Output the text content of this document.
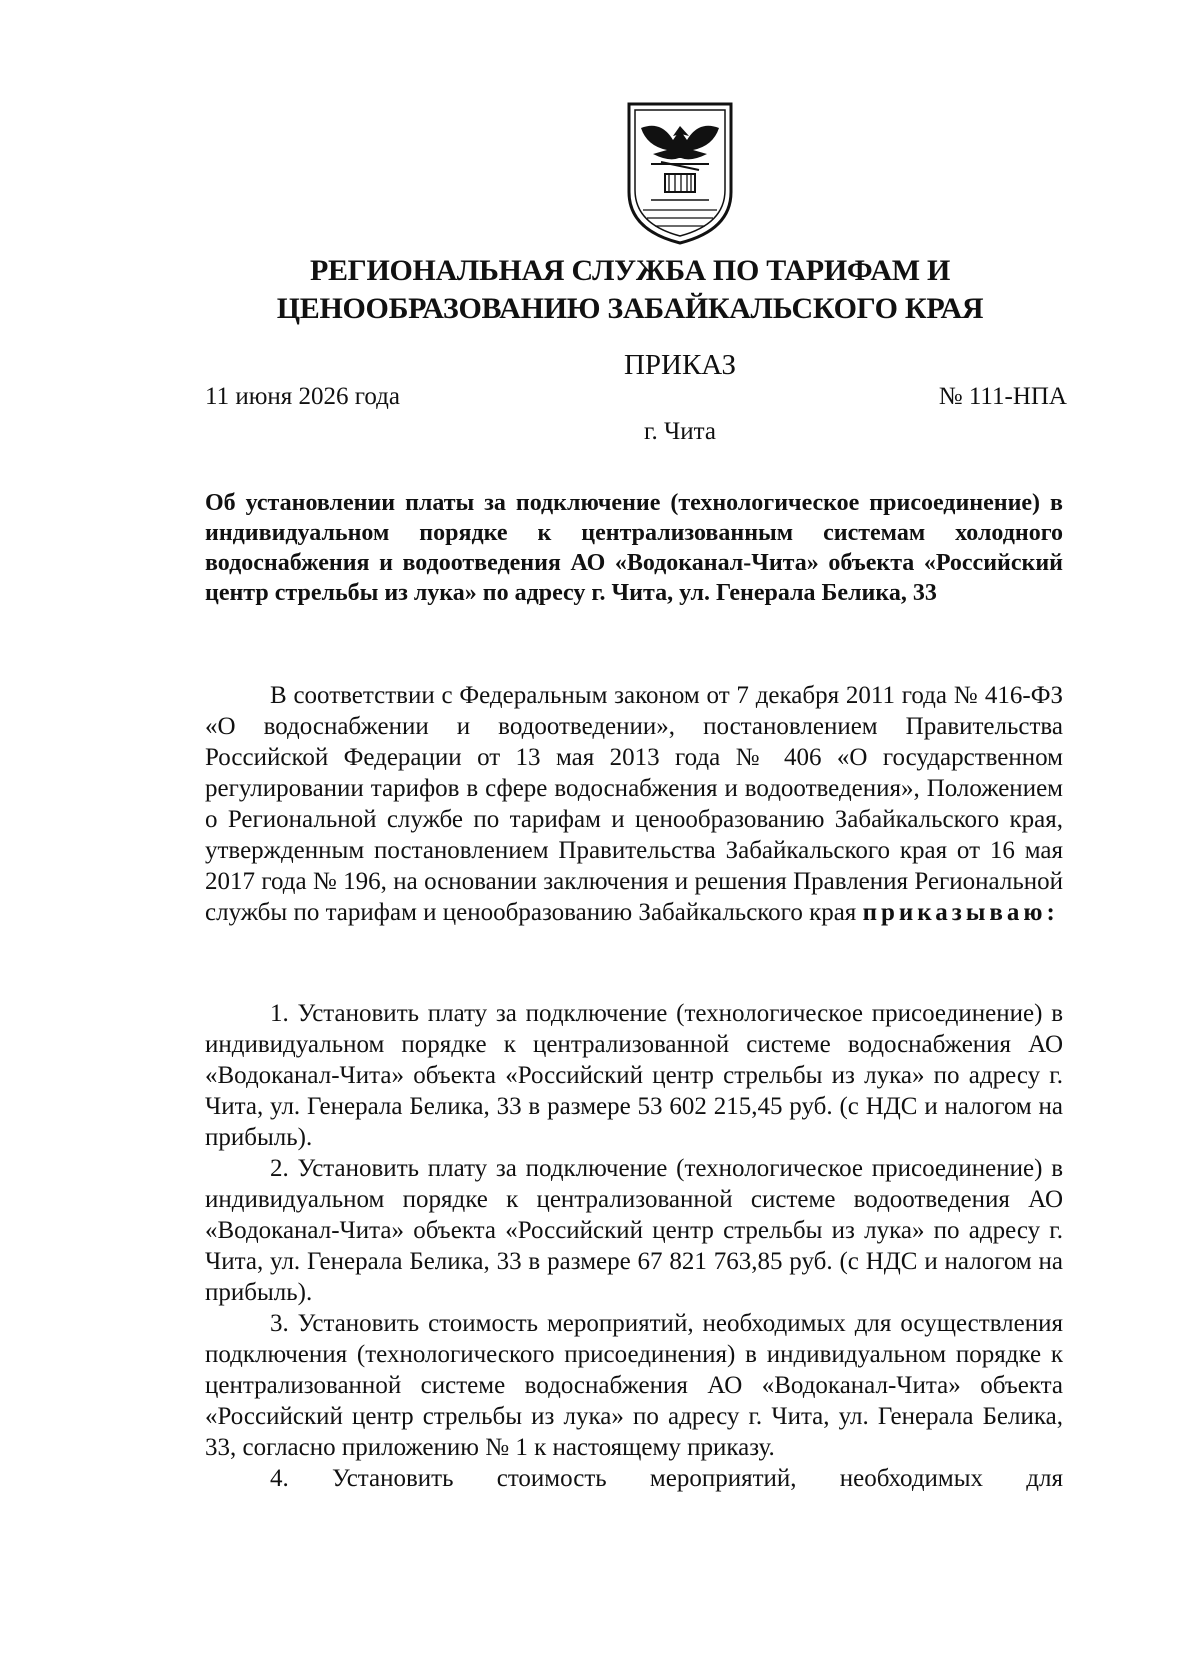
РЕГИОНАЛЬНАЯ СЛУЖБА ПО ТАРИФАМ И
ЦЕНООБРАЗОВАНИЮ ЗАБАЙКАЛЬСКОГО КРАЯ
ПРИКАЗ
11 июня 2026 года	№ 111-НПА
г. Чита

Об установлении платы за подключение (технологическое присоединение) в индивидуальном порядке к централизованным системам холодного водоснабжения и водоотведения АО «Водоканал-Чита» объекта «Российский центр стрельбы из лука» по адресу г. Чита, ул. Генерала Белика, 33

В соответствии с Федеральным законом от 7 декабря 2011 года № 416-ФЗ «О водоснабжении и водоотведении», постановлением Правительства Российской Федерации от 13 мая 2013 года № 406 «О государственном регулировании тарифов в сфере водоснабжения и водоотведения», Положением о Региональной службе по тарифам и ценообразованию Забайкальского края, утвержденным постановлением Правительства Забайкальского края от 16 мая 2017 года № 196, на основании заключения и решения Правления Региональной службы по тарифам и ценообразованию Забайкальского края приказываю:

1. Установить плату за подключение (технологическое присоединение) в индивидуальном порядке к централизованной системе водоснабжения АО «Водоканал-Чита» объекта «Российский центр стрельбы из лука» по адресу г. Чита, ул. Генерала Белика, 33 в размере 53 602 215,45 руб. (с НДС и налогом на прибыль).

2. Установить плату за подключение (технологическое присоединение) в индивидуальном порядке к централизованной системе водоотведения АО «Водоканал-Чита» объекта «Российский центр стрельбы из лука» по адресу г. Чита, ул. Генерала Белика, 33 в размере 67 821 763,85 руб. (с НДС и налогом на прибыль).

3. Установить стоимость мероприятий, необходимых для осуществления подключения (технологического присоединения) в индивидуальном порядке к централизованной системе водоснабжения АО «Водоканал-Чита» объекта «Российский центр стрельбы из лука» по адресу г. Чита, ул. Генерала Белика, 33, согласно приложению № 1 к настоящему приказу.

4. Установить стоимость мероприятий, необходимых для
